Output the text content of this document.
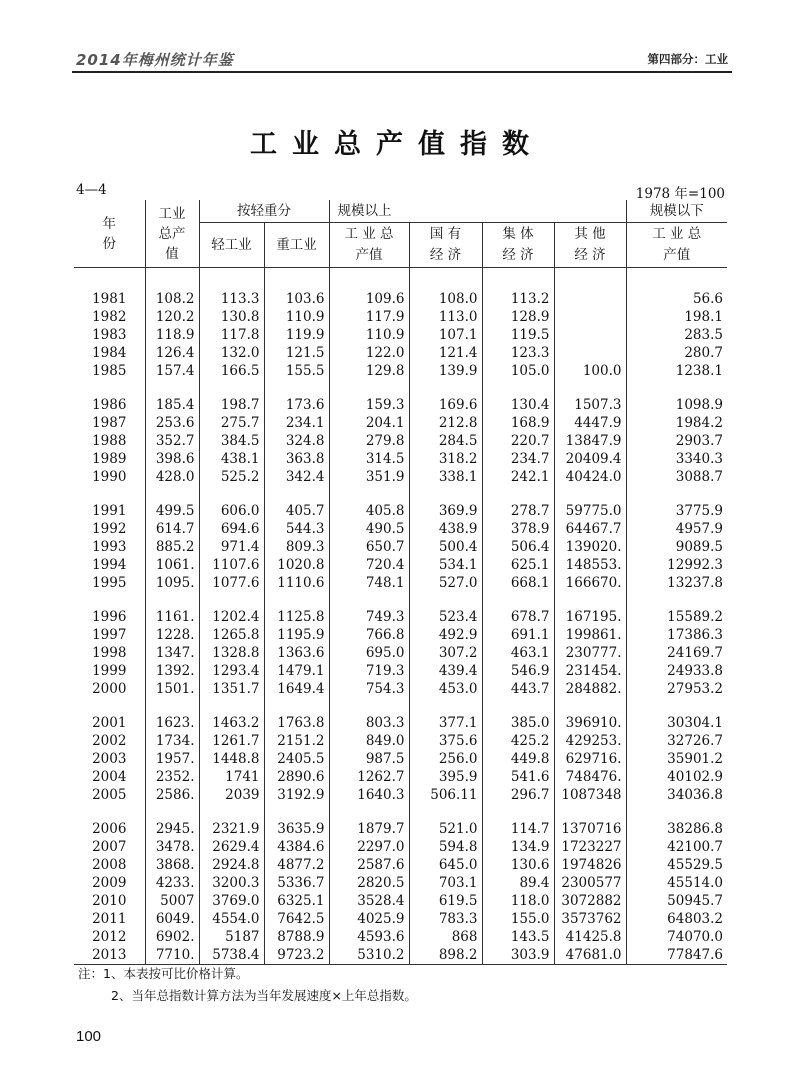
2014年梅州统计年鉴	第四部分：工业
工业总产值指数
4—4	1978 年=100
年份	工业总产值	按轻重分		规模以上				规模以下
		轻工业	重工业	工 业 总产值	国 有 经 济	集 体 经 济	其 他 经 济	工 业 总产值

1981	108.2	113.3	103.6	109.6	108.0	113.2		56.6
1982	120.2	130.8	110.9	117.9	113.0	128.9		198.1
1983	118.9	117.8	119.9	110.9	107.1	119.5		283.5
1984	126.4	132.0	121.5	122.0	121.4	123.3		280.7
1985	157.4	166.5	155.5	129.8	139.9	105.0	100.0	1238.1

1986	185.4	198.7	173.6	159.3	169.6	130.4	1507.3	1098.9
1987	253.6	275.7	234.1	204.1	212.8	168.9	4447.9	1984.2
1988	352.7	384.5	324.8	279.8	284.5	220.7	13847.9	2903.7
1989	398.6	438.1	363.8	314.5	318.2	234.7	20409.4	3340.3
1990	428.0	525.2	342.4	351.9	338.1	242.1	40424.0	3088.7

1991	499.5	606.0	405.7	405.8	369.9	278.7	59775.0	3775.9
1992	614.7	694.6	544.3	490.5	438.9	378.9	64467.7	4957.9
1993	885.2	971.4	809.3	650.7	500.4	506.4	139020.	9089.5
1994	1061.	1107.6	1020.8	720.4	534.1	625.1	148553.	12992.3
1995	1095.	1077.6	1110.6	748.1	527.0	668.1	166670.	13237.8

1996	1161.	1202.4	1125.8	749.3	523.4	678.7	167195.	15589.2
1997	1228.	1265.8	1195.9	766.8	492.9	691.1	199861.	17386.3
1998	1347.	1328.8	1363.6	695.0	307.2	463.1	230777.	24169.7
1999	1392.	1293.4	1479.1	719.3	439.4	546.9	231454.	24933.8
2000	1501.	1351.7	1649.4	754.3	453.0	443.7	284882.	27953.2

2001	1623.	1463.2	1763.8	803.3	377.1	385.0	396910.	30304.1
2002	1734.	1261.7	2151.2	849.0	375.6	425.2	429253.	32726.7
2003	1957.	1448.8	2405.5	987.5	256.0	449.8	629716.	35901.2
2004	2352.	1741	2890.6	1262.7	395.9	541.6	748476.	40102.9
2005	2586.	2039	3192.9	1640.3	506.11	296.7	1087348	34036.8

2006	2945.	2321.9	3635.9	1879.7	521.0	114.7	1370716	38286.8
2007	3478.	2629.4	4384.6	2297.0	594.8	134.9	1723227	42100.7
2008	3868.	2924.8	4877.2	2587.6	645.0	130.6	1974826	45529.5
2009	4233.	3200.3	5336.7	2820.5	703.1	89.4	2300577	45514.0
2010	5007	3769.0	6325.1	3528.4	619.5	118.0	3072882	50945.7
2011	6049.	4554.0	7642.5	4025.9	783.3	155.0	3573762	64803.2
2012	6902.	5187	8788.9	4593.6	868	143.5	41425.8	74070.0
2013	7710.	5738.4	9723.2	5310.2	898.2	303.9	47681.0	77847.6
注：1、本表按可比价格计算。
2、当年总指数计算方法为当年发展速度×上年总指数。
100
